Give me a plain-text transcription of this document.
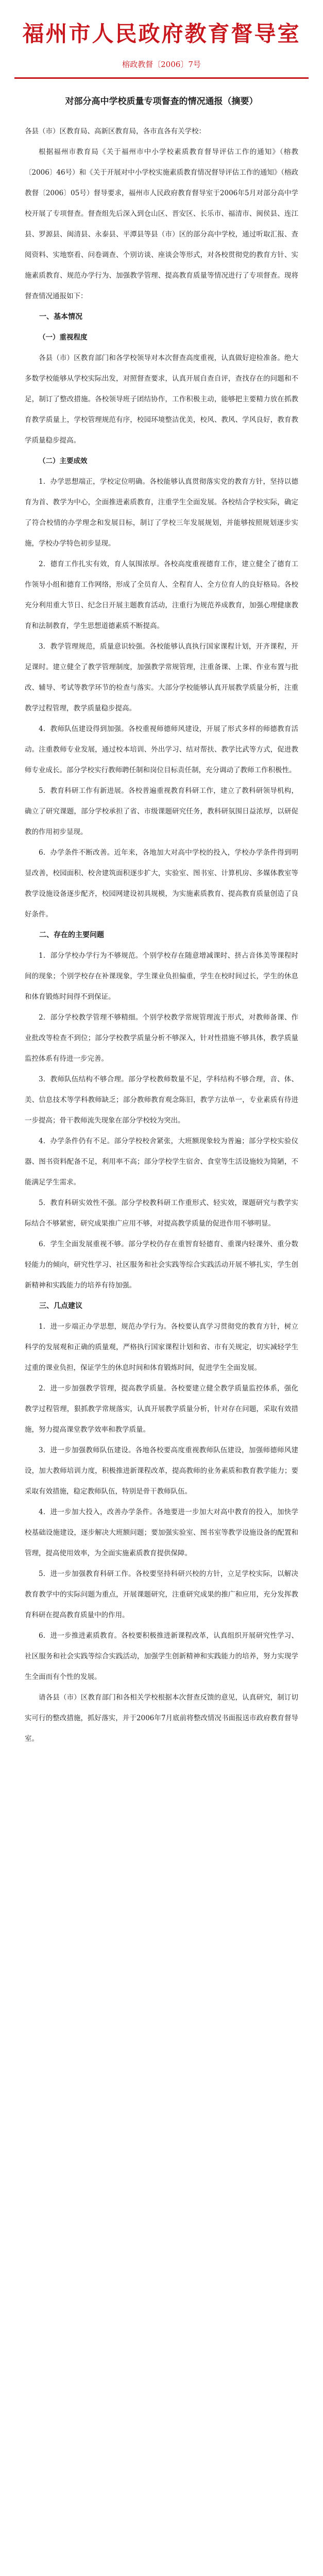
福州市人民政府教育督导室
榕政教督〔2006〕7号
对部分高中学校质量专项督查的情况通报（摘要）

各县（市）区教育局、高新区教育局，各市直各有关学校：

根据福州市教育局《关于福州市中小学校素质教育督导评估工作的通知》（榕教〔2006〕46号）和《关于开展对中小学校实施素质教育情况督导评估工作的通知》（榕政教督〔2006〕05号）督导要求，福州市人民政府教育督导室于2006年5月对部分高中学校开展了专项督查。督查组先后深入到仓山区、晋安区、长乐市、福清市、闽侯县、连江县、罗源县、闽清县、永泰县、平潭县等县（市）区的部分高中学校，通过听取汇报、查阅资料、实地察看、问卷调查、个别访谈、座谈会等形式，对各校贯彻党的教育方针、实施素质教育、规范办学行为、加强教学管理、提高教育质量等情况进行了专项督查。现将督查情况通报如下：

一、基本情况

（一）重视程度

各县（市）区教育部门和各学校领导对本次督查高度重视，认真做好迎检准备。绝大多数学校能够从学校实际出发，对照督查要求，认真开展自查自评，查找存在的问题和不足，制订了整改措施。各校领导班子团结协作，工作积极主动，能够把主要精力放在抓教育教学质量上，学校管理规范有序，校园环境整洁优美，校风、教风、学风良好，教育教学质量稳步提高。

（二）主要成效

1．办学思想端正，学校定位明确。各校能够认真贯彻落实党的教育方针，坚持以德育为首、教学为中心，全面推进素质教育，注重学生全面发展。各校结合学校实际，确定了符合校情的办学理念和发展目标，制订了学校三年发展规划，并能够按照规划逐步实施，学校办学特色初步显现。

2．德育工作扎实有效，育人氛围浓厚。各校高度重视德育工作，建立健全了德育工作领导小组和德育工作网络，形成了全员育人、全程育人、全方位育人的良好格局。各校充分利用重大节日、纪念日开展主题教育活动，注重行为规范养成教育，加强心理健康教育和法制教育，学生思想道德素质不断提高。

3．教学管理规范，质量意识较强。各校能够认真执行国家课程计划，开齐课程，开足课时。建立健全了教学管理制度，加强教学常规管理，注重备课、上课、作业布置与批改、辅导、考试等教学环节的检查与落实。大部分学校能够认真开展教学质量分析，注重教学过程管理，教学质量稳步提高。

4．教师队伍建设得到加强。各校重视师德师风建设，开展了形式多样的师德教育活动。注重教师专业发展，通过校本培训、外出学习、结对帮扶、教学比武等方式，促进教师专业成长。部分学校实行教师聘任制和岗位目标责任制，充分调动了教师工作积极性。

5．教育科研工作有新进展。各校普遍重视教育科研工作，建立了教科研领导机构，确立了研究课题，部分学校承担了省、市级课题研究任务，教科研氛围日益浓厚，以研促教的作用初步显现。

6．办学条件不断改善。近年来，各地加大对高中学校的投入，学校办学条件得到明显改善，校园面积、校舍建筑面积逐步扩大，实验室、图书室、计算机房、多媒体教室等教学设施设备逐步配齐，校园网建设初具规模，为实施素质教育、提高教育质量创造了良好条件。

二、存在的主要问题

1．部分学校办学行为不够规范。个别学校存在随意增减课时、挤占音体美等课程时间的现象；个别学校存在补课现象，学生课业负担偏重，学生在校时间过长，学生的休息和体育锻炼时间得不到保证。

2．部分学校教学管理不够精细。个别学校教学常规管理流于形式，对教师备课、作业批改等检查不到位；部分学校教学质量分析不够深入，针对性措施不够具体，教学质量监控体系有待进一步完善。

3．教师队伍结构不够合理。部分学校教师数量不足，学科结构不够合理，音、体、美、信息技术等学科教师缺乏；部分教师教育观念陈旧，教学方法单一，专业素质有待进一步提高；骨干教师流失现象在部分学校较为突出。

4．办学条件仍有不足。部分学校校舍紧张，大班额现象较为普遍；部分学校实验仪器、图书资料配备不足，利用率不高；部分学校学生宿舍、食堂等生活设施较为简陋，不能满足学生需求。

5．教育科研实效性不强。部分学校教科研工作重形式、轻实效，课题研究与教学实际结合不够紧密，研究成果推广应用不够，对提高教学质量的促进作用不够明显。

6．学生全面发展重视不够。部分学校仍存在重智育轻德育、重课内轻课外、重分数轻能力的倾向，研究性学习、社区服务和社会实践等综合实践活动开展不够扎实，学生创新精神和实践能力的培养有待加强。

三、几点建议

1．进一步端正办学思想，规范办学行为。各校要认真学习贯彻党的教育方针，树立科学的发展观和正确的质量观，严格执行国家课程计划和省、市有关规定，切实减轻学生过重的课业负担，保证学生的休息时间和体育锻炼时间，促进学生全面发展。

2．进一步加强教学管理，提高教学质量。各校要建立健全教学质量监控体系，强化教学过程管理，狠抓教学常规落实，认真开展教学质量分析，针对存在问题，采取有效措施，努力提高课堂教学效率和教学质量。

3．进一步加强教师队伍建设。各地各校要高度重视教师队伍建设，加强师德师风建设，加大教师培训力度，积极推进新课程改革，提高教师的业务素质和教育教学能力；要采取有效措施，稳定教师队伍，特别是骨干教师队伍。

4．进一步加大投入，改善办学条件。各地要进一步加大对高中教育的投入，加快学校基础设施建设，逐步解决大班额问题；要加强实验室、图书室等教学设施设备的配置和管理，提高使用效率，为全面实施素质教育提供保障。

5．进一步加强教育科研工作。各校要坚持科研兴校的方针，立足学校实际，以解决教育教学中的实际问题为重点，开展课题研究，注重研究成果的推广和应用，充分发挥教育科研在提高教育质量中的作用。

6．进一步推进素质教育。各校要积极推进新课程改革，认真组织开展研究性学习、社区服务和社会实践等综合实践活动，加强学生创新精神和实践能力的培养，努力实现学生全面而有个性的发展。

请各县（市）区教育部门和各相关学校根据本次督查反馈的意见，认真研究，制订切实可行的整改措施，抓好落实，并于2006年7月底前将整改情况书面报送市政府教育督导室。
